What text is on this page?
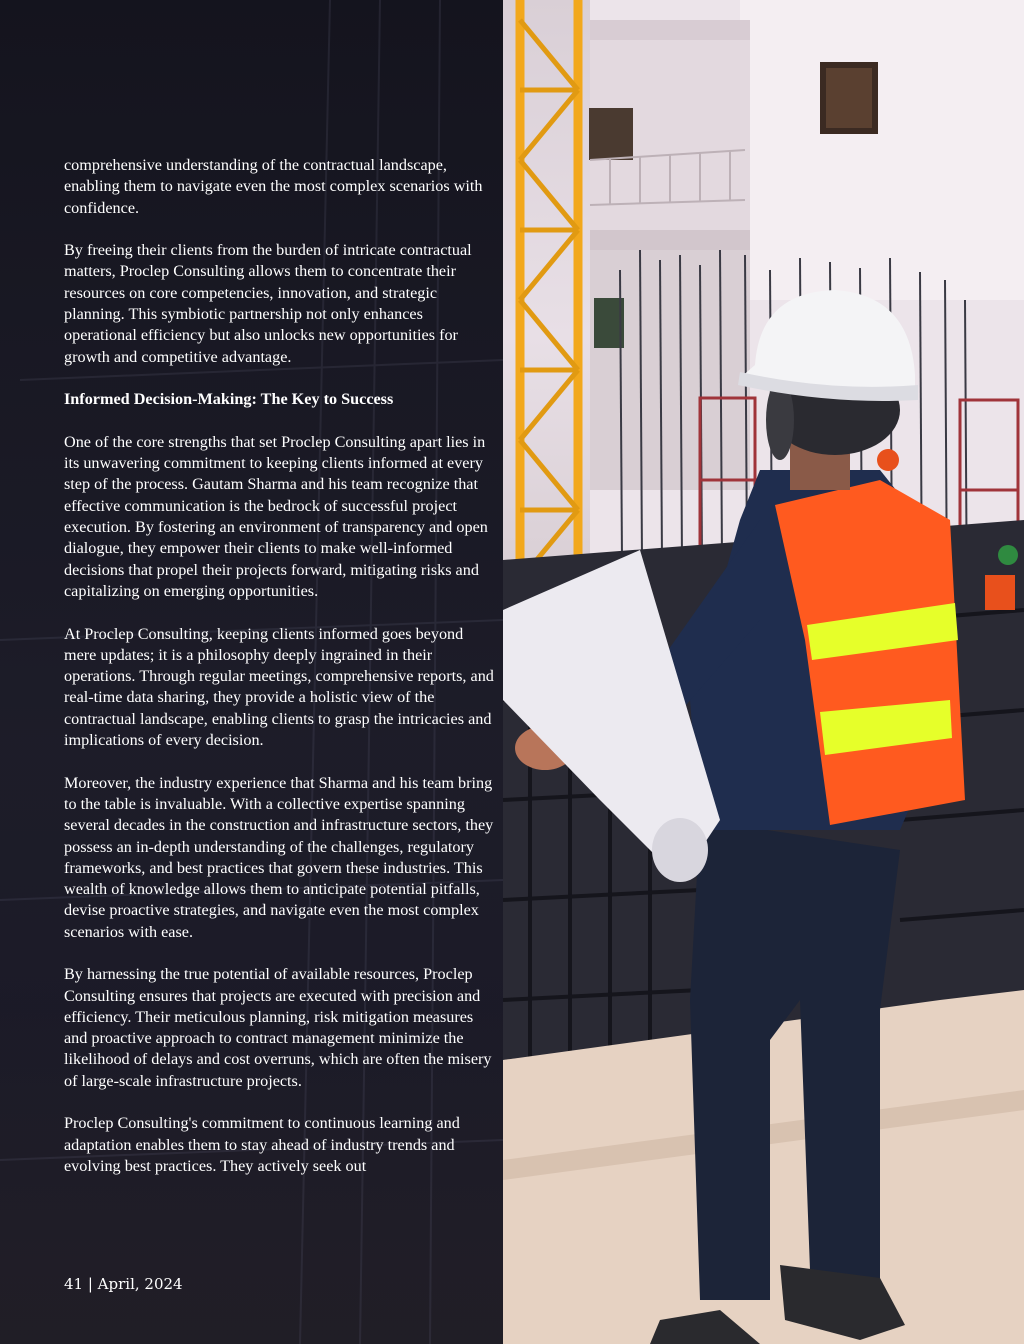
comprehensive understanding of the contractual landscape, enabling them to navigate even the most complex scenarios with confidence.

By freeing their clients from the burden of intricate contractual matters, Proclep Consulting allows them to concentrate their resources on core competencies, innovation, and strategic planning. This symbiotic partnership not only enhances operational efficiency but also unlocks new opportunities for growth and competitive advantage.

Informed Decision-Making: The Key to Success

One of the core strengths that set Proclep Consulting apart lies in its unwavering commitment to keeping clients informed at every step of the process. Gautam Sharma and his team recognize that effective communication is the bedrock of successful project execution. By fostering an environment of transparency and open dialogue, they empower their clients to make well-informed decisions that propel their projects forward, mitigating risks and capitalizing on emerging opportunities.

At Proclep Consulting, keeping clients informed goes beyond mere updates; it is a philosophy deeply ingrained in their operations. Through regular meetings, comprehensive reports, and real-time data sharing, they provide a holistic view of the contractual landscape, enabling clients to grasp the intricacies and implications of every decision.

Moreover, the industry experience that Sharma and his team bring to the table is invaluable. With a collective expertise spanning several decades in the construction and infrastructure sectors, they possess an in-depth understanding of the challenges, regulatory frameworks, and best practices that govern these industries. This wealth of knowledge allows them to anticipate potential pitfalls, devise proactive strategies, and navigate even the most complex scenarios with ease.

By harnessing the true potential of available resources, Proclep Consulting ensures that projects are executed with precision and efficiency. Their meticulous planning, risk mitigation measures and proactive approach to contract management minimize the likelihood of delays and cost overruns, which are often the misery of large-scale infrastructure projects.

Proclep Consulting's commitment to continuous learning and adaptation enables them to stay ahead of industry trends and evolving best practices. They actively seek out

41 | April, 2024
